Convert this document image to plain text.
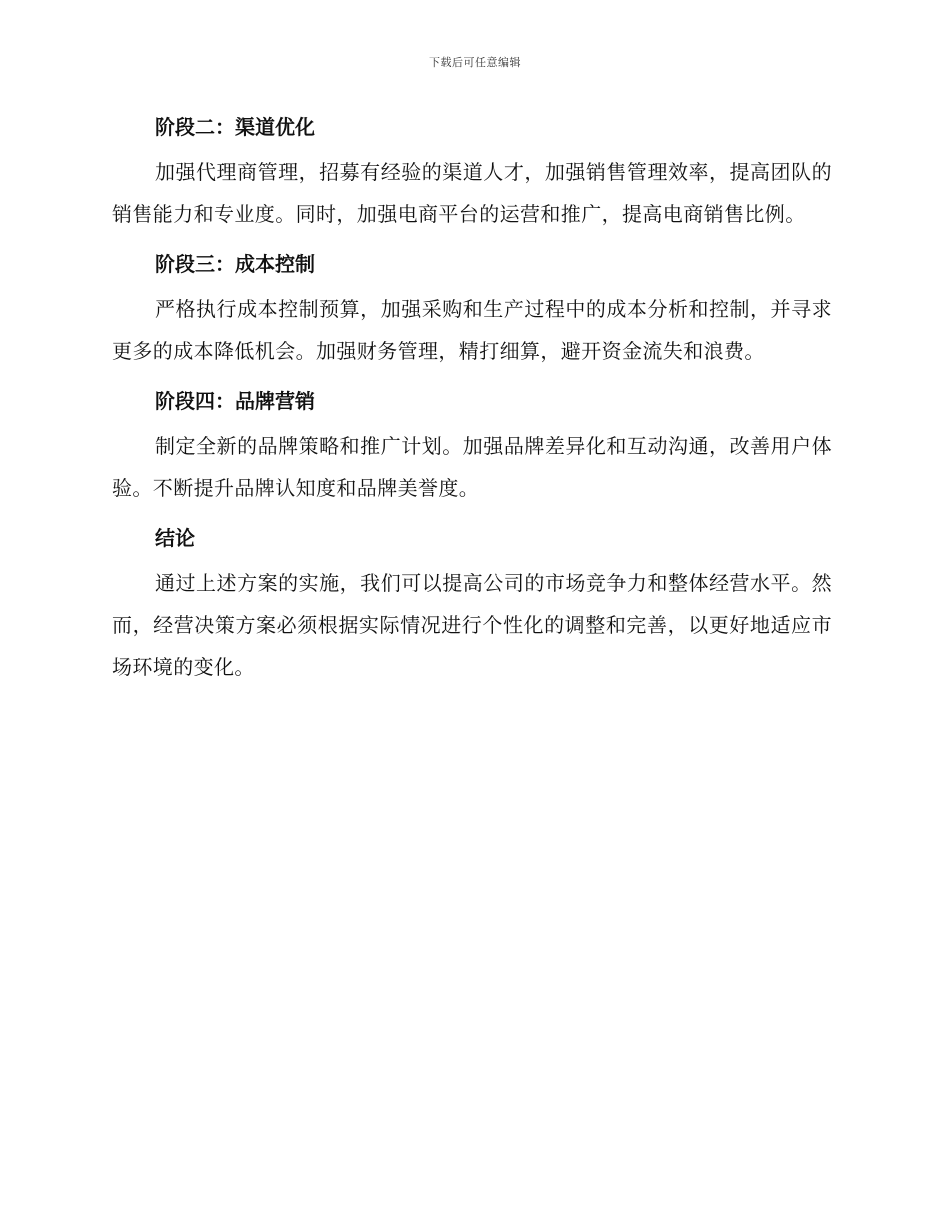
下载后可任意编辑
阶段二：渠道优化

加强代理商管理，招募有经验的渠道人才，加强销售管理效率，提高团队的销售能力和专业度。同时，加强电商平台的运营和推广，提高电商销售比例。

阶段三：成本控制

严格执行成本控制预算，加强采购和生产过程中的成本分析和控制，并寻求更多的成本降低机会。加强财务管理，精打细算，避开资金流失和浪费。

阶段四：品牌营销

制定全新的品牌策略和推广计划。加强品牌差异化和互动沟通，改善用户体验。不断提升品牌认知度和品牌美誉度。

结论

通过上述方案的实施，我们可以提高公司的市场竞争力和整体经营水平。然而，经营决策方案必须根据实际情况进行个性化的调整和完善，以更好地适应市场环境的变化。
